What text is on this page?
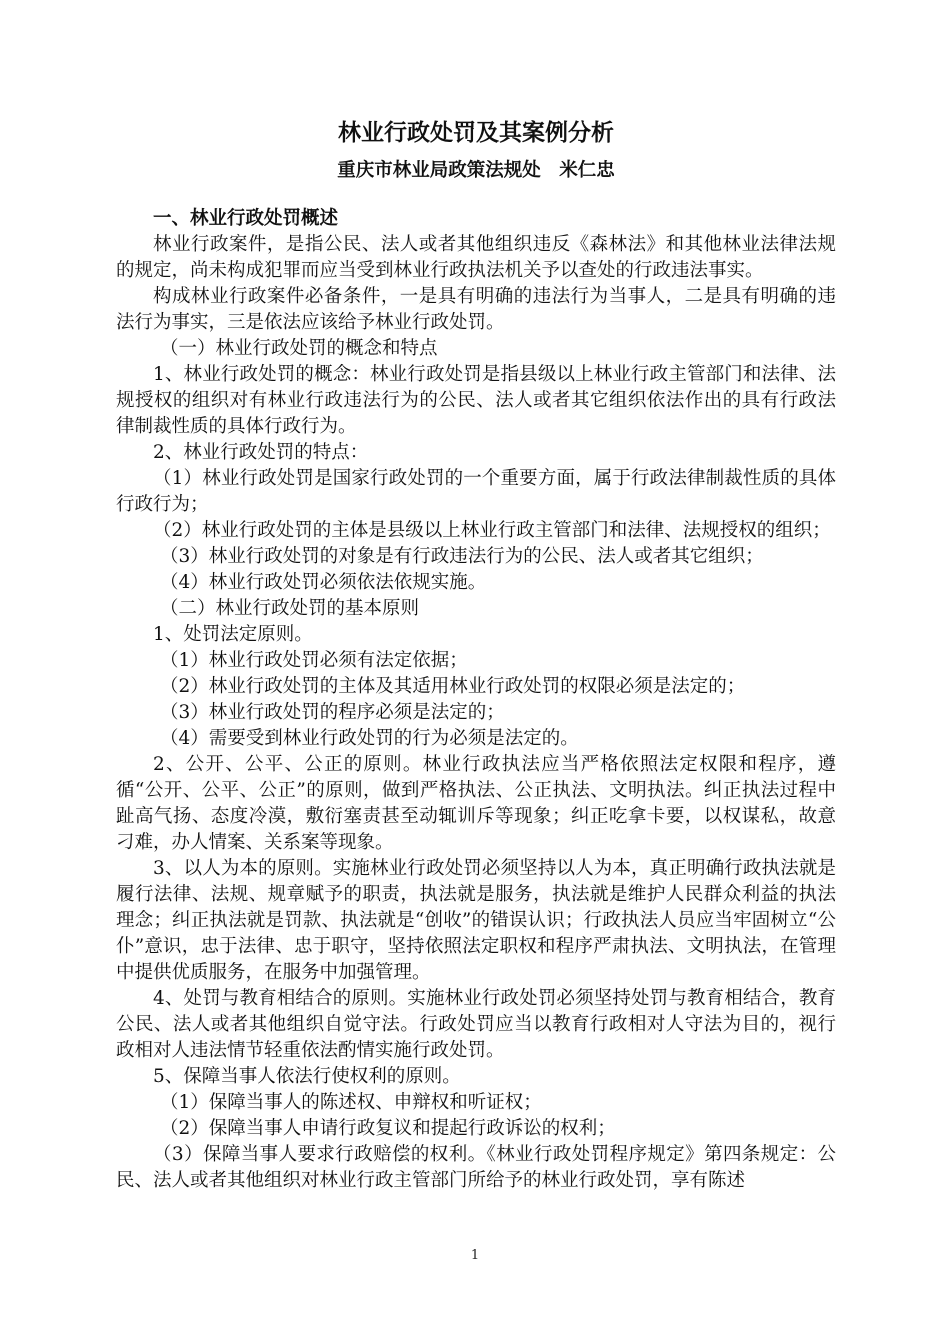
林业行政处罚及其案例分析
重庆市林业局政策法规处　米仁忠
一、林业行政处罚概述

林业行政案件，是指公民、法人或者其他组织违反《森林法》和其他林业法律法规的规定，尚未构成犯罪而应当受到林业行政执法机关予以查处的行政违法事实。

构成林业行政案件必备条件，一是具有明确的违法行为当事人，二是具有明确的违法行为事实，三是依法应该给予林业行政处罚。

（一）林业行政处罚的概念和特点

1、林业行政处罚的概念：林业行政处罚是指县级以上林业行政主管部门和法律、法规授权的组织对有林业行政违法行为的公民、法人或者其它组织依法作出的具有行政法律制裁性质的具体行政行为。

2、林业行政处罚的特点：

（1）林业行政处罚是国家行政处罚的一个重要方面，属于行政法律制裁性质的具体行政行为；

（2）林业行政处罚的主体是县级以上林业行政主管部门和法律、法规授权的组织；

（3）林业行政处罚的对象是有行政违法行为的公民、法人或者其它组织；

（4）林业行政处罚必须依法依规实施。

（二）林业行政处罚的基本原则

1、处罚法定原则。

（1）林业行政处罚必须有法定依据；

（2）林业行政处罚的主体及其适用林业行政处罚的权限必须是法定的；

（3）林业行政处罚的程序必须是法定的；

（4）需要受到林业行政处罚的行为必须是法定的。

2、公开、公平、公正的原则。林业行政执法应当严格依照法定权限和程序，遵循“公开、公平、公正”的原则，做到严格执法、公正执法、文明执法。纠正执法过程中趾高气扬、态度冷漠，敷衍塞责甚至动辄训斥等现象；纠正吃拿卡要，以权谋私，故意刁难，办人情案、关系案等现象。

3、以人为本的原则。实施林业行政处罚必须坚持以人为本，真正明确行政执法就是履行法律、法规、规章赋予的职责，执法就是服务，执法就是维护人民群众利益的执法理念；纠正执法就是罚款、执法就是“创收”的错误认识；行政执法人员应当牢固树立“公仆”意识，忠于法律、忠于职守，坚持依照法定职权和程序严肃执法、文明执法，在管理中提供优质服务，在服务中加强管理。

4、处罚与教育相结合的原则。实施林业行政处罚必须坚持处罚与教育相结合，教育公民、法人或者其他组织自觉守法。行政处罚应当以教育行政相对人守法为目的，视行政相对人违法情节轻重依法酌情实施行政处罚。

5、保障当事人依法行使权利的原则。

（1）保障当事人的陈述权、申辩权和听证权；

（2）保障当事人申请行政复议和提起行政诉讼的权利；

（3）保障当事人要求行政赔偿的权利。《林业行政处罚程序规定》第四条规定：公民、法人或者其他组织对林业行政主管部门所给予的林业行政处罚，享有陈述

1
